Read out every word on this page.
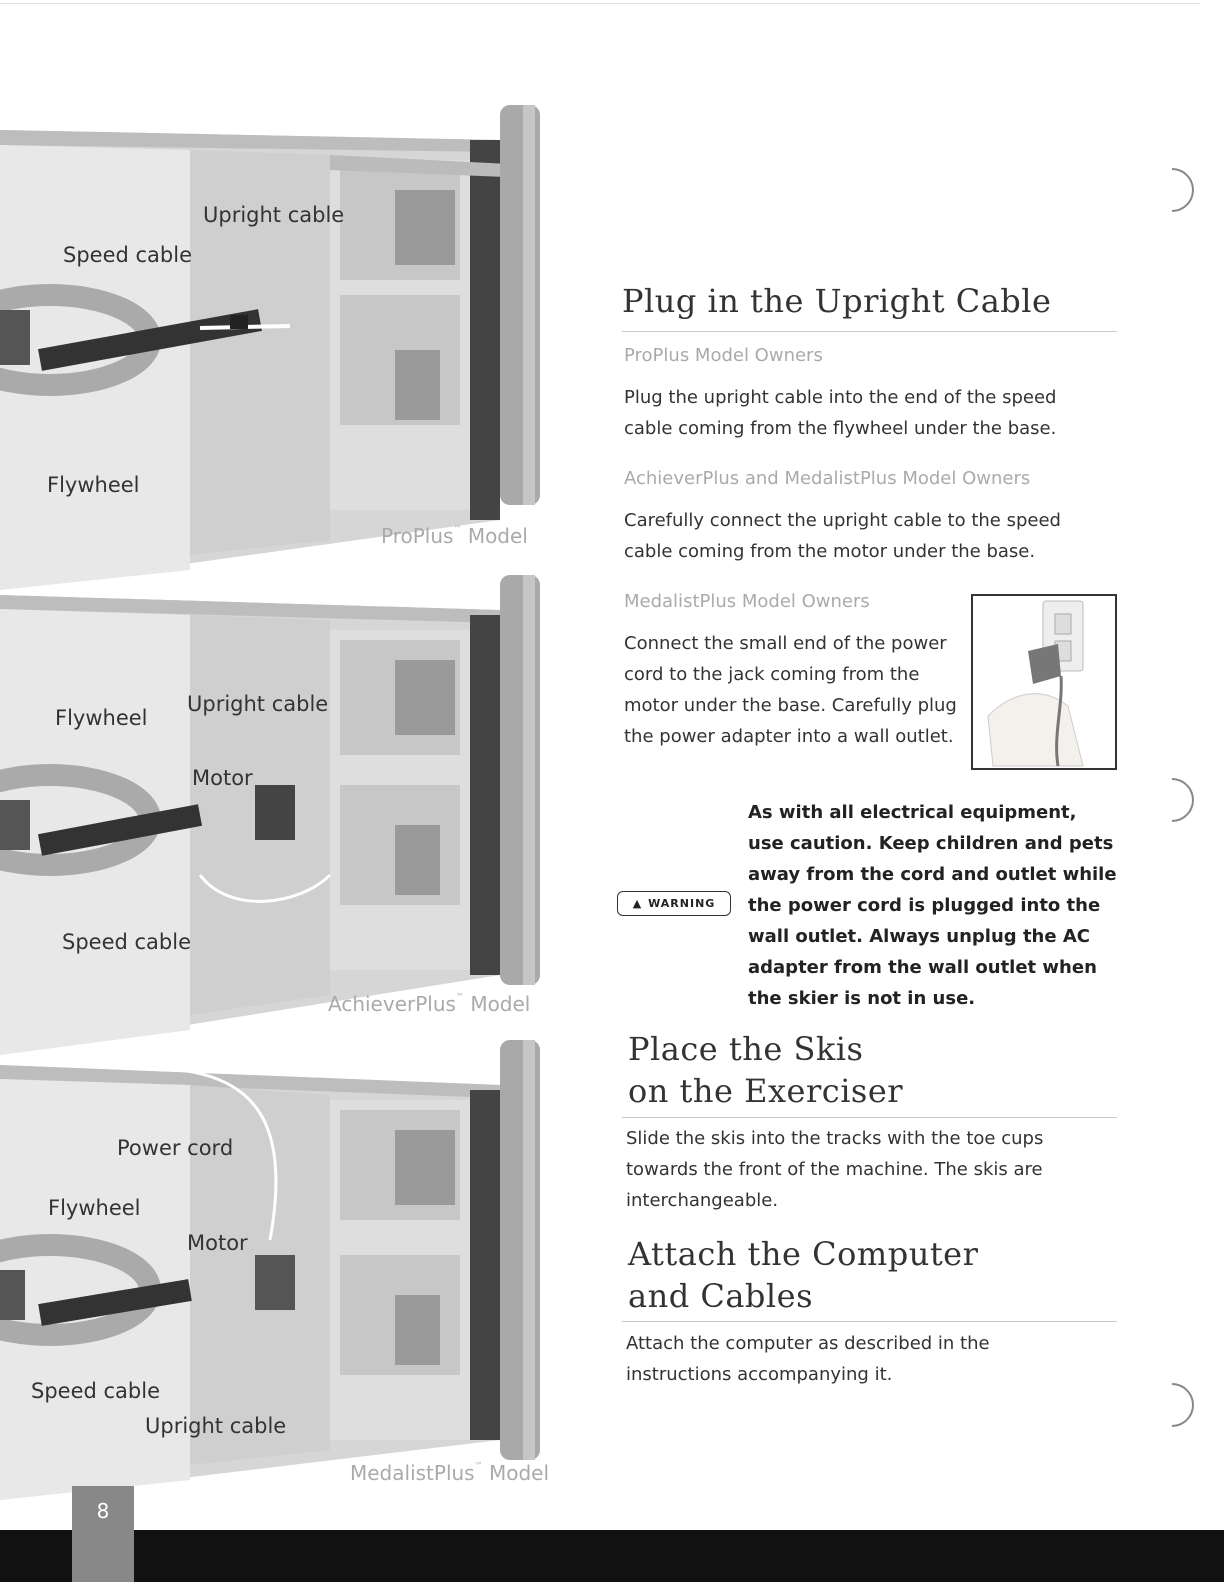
Upright cable
Speed cable
Flywheel
ProPlus™ Model
Flywheel
Upright cable
Motor
Speed cable
AchieverPlus™ Model
Power cord
Flywheel
Motor
Speed cable
Upright cable
MedalistPlus™ Model
Plug in the Upright Cable
ProPlus Model Owners
Plug the upright cable into the end of the speed cable coming from the flywheel under the base.
AchieverPlus and MedalistPlus Model Owners
Carefully connect the upright cable to the speed cable coming from the motor under the base.
MedalistPlus Model Owners
Connect the small end of the power cord to the jack coming from the motor under the base. Carefully plug the power adapter into a wall outlet.
▲ WARNING
As with all electrical equipment, use caution. Keep children and pets away from the cord and outlet while the power cord is plugged into the wall outlet. Always unplug the AC adapter from the wall outlet when the skier is not in use.
Place the Skis
on the Exerciser
Slide the skis into the tracks with the toe cups towards the front of the machine. The skis are interchangeable.
Attach the Computer
and Cables
Attach the computer as described in the instructions accompanying it.
8
